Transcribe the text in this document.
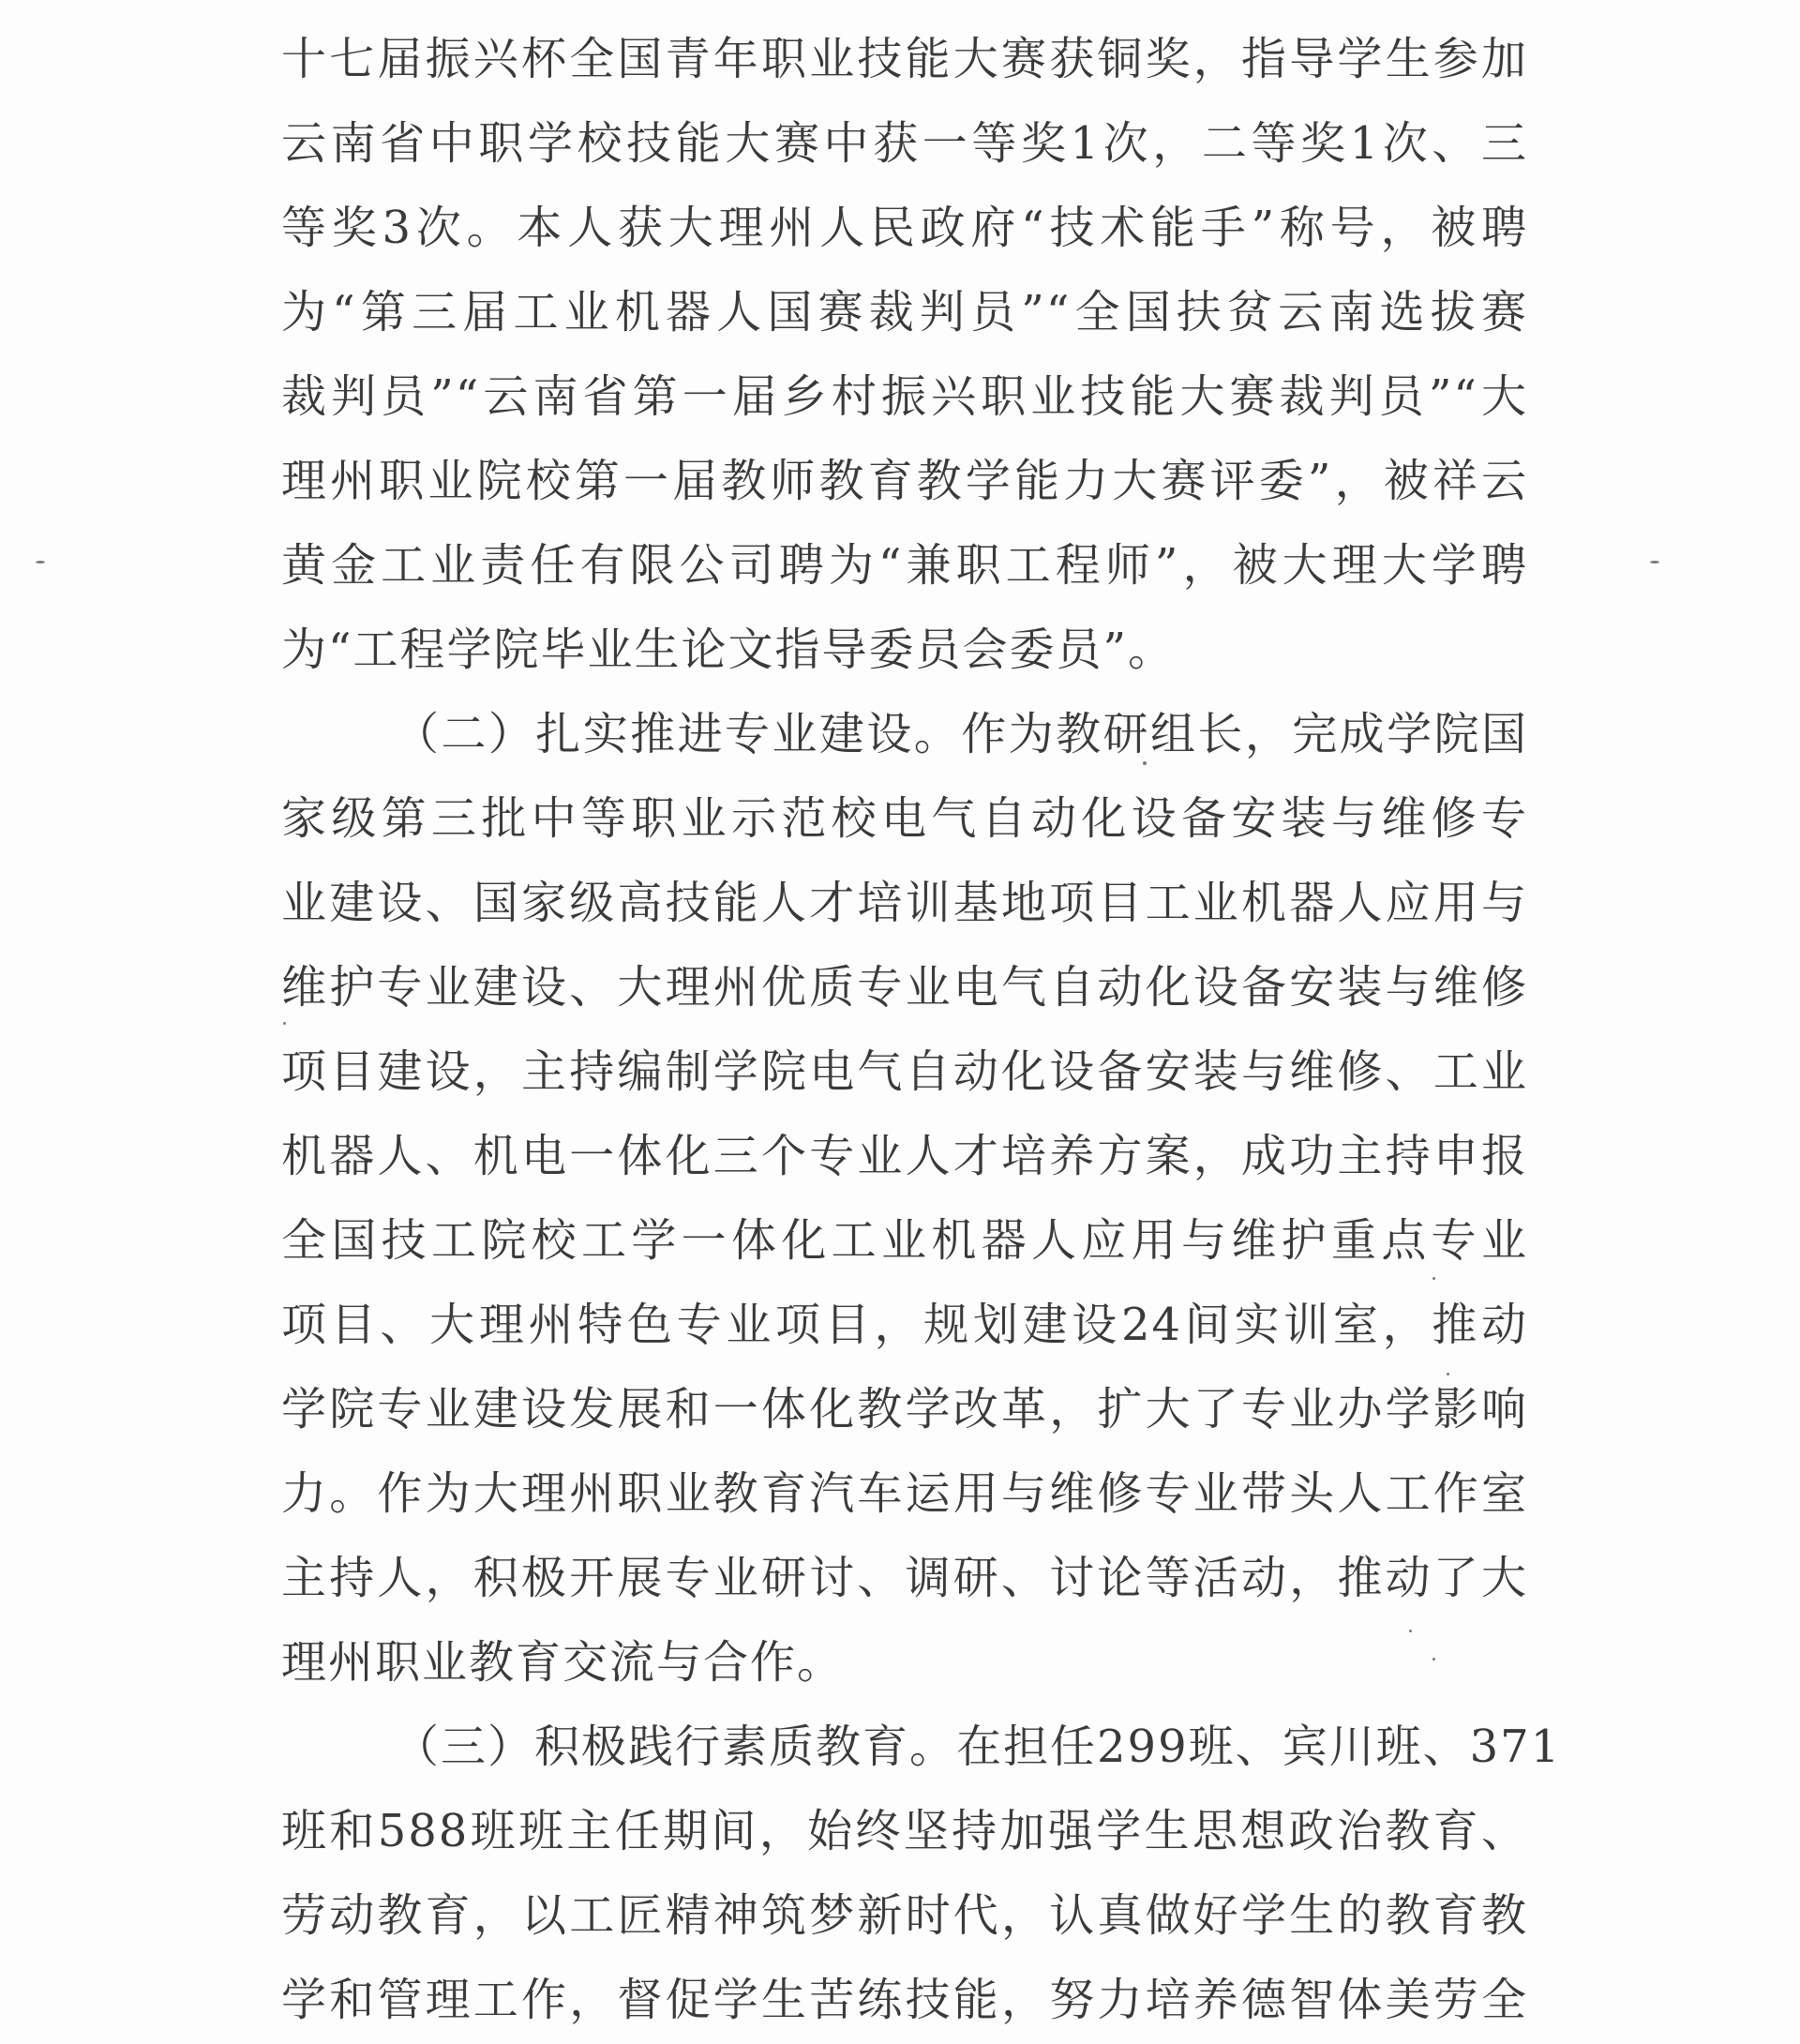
十七届振兴杯全国青年职业技能大赛获铜奖，指导学生参加
云南省中职学校技能大赛中获一等奖1次，二等奖1次、三
等奖3次。本人获大理州人民政府“技术能手”称号，被聘
为“第三届工业机器人国赛裁判员”“全国扶贫云南选拔赛
裁判员”“云南省第一届乡村振兴职业技能大赛裁判员”“大
理州职业院校第一届教师教育教学能力大赛评委”，被祥云
黄金工业责任有限公司聘为“兼职工程师”，被大理大学聘
为“工程学院毕业生论文指导委员会委员”。
（二）扎实推进专业建设。作为教研组长，完成学院国
家级第三批中等职业示范校电气自动化设备安装与维修专
业建设、国家级高技能人才培训基地项目工业机器人应用与
维护专业建设、大理州优质专业电气自动化设备安装与维修
项目建设，主持编制学院电气自动化设备安装与维修、工业
机器人、机电一体化三个专业人才培养方案，成功主持申报
全国技工院校工学一体化工业机器人应用与维护重点专业
项目、大理州特色专业项目，规划建设24间实训室，推动
学院专业建设发展和一体化教学改革，扩大了专业办学影响
力。作为大理州职业教育汽车运用与维修专业带头人工作室
主持人，积极开展专业研讨、调研、讨论等活动，推动了大
理州职业教育交流与合作。
（三）积极践行素质教育。在担任299班、宾川班、371
班和588班班主任期间，始终坚持加强学生思想政治教育、
劳动教育，以工匠精神筑梦新时代，认真做好学生的教育教
学和管理工作，督促学生苦练技能，努力培养德智体美劳全
